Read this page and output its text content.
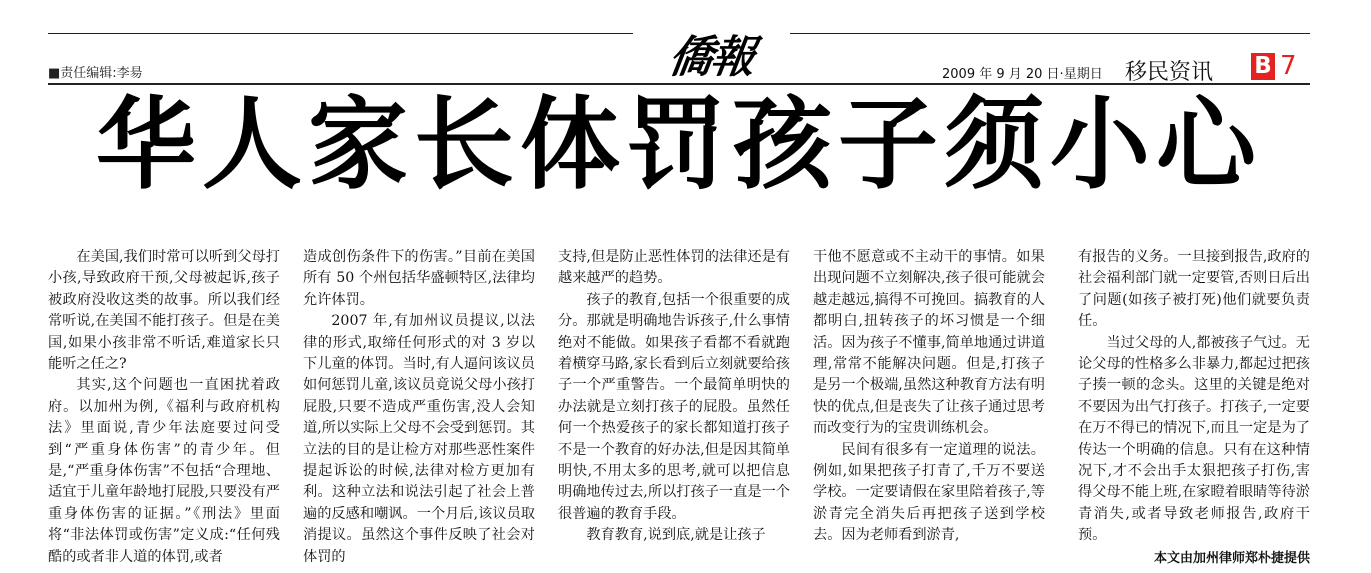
■责任编辑:李昜	僑報	2009 年 9 月 20 日·星期日 移民资讯 B 7
华人家长体罚孩子须小心

在美国,我们时常可以听到父母打小孩,导致政府干预,父母被起诉,孩子被政府没收这类的故事。所以我们经常听说,在美国不能打孩子。但是在美国,如果小孩非常不听话,难道家长只能听之任之?

其实,这个问题也一直困扰着政府。以加州为例,《福利与政府机构法》里面说,青少年法庭要过问受到“严重身体伤害”的青少年。但是,“严重身体伤害”不包括“合理地、适宜于儿童年龄地打屁股,只要没有严重身体伤害的证据。”《刑法》里面将“非法体罚或伤害”定义成:“任何残酷的或者非人道的体罚,或者

造成创伤条件下的伤害。”目前在美国所有 50 个州包括华盛顿特区,法律均允许体罚。

2007 年,有加州议员提议,以法律的形式,取缔任何形式的对 3 岁以下儿童的体罚。当时,有人逼问该议员如何惩罚儿童,该议员竟说父母小孩打屁股,只要不造成严重伤害,没人会知道,所以实际上父母不会受到惩罚。其立法的目的是让检方对那些恶性案件提起诉讼的时候,法律对检方更加有利。这种立法和说法引起了社会上普遍的反感和嘲讽。一个月后,该议员取消提议。虽然这个事件反映了社会对体罚的

支持,但是防止恶性体罚的法律还是有越来越严的趋势。

孩子的教育,包括一个很重要的成分。那就是明确地告诉孩子,什么事情绝对不能做。如果孩子看都不看就跑着横穿马路,家长看到后立刻就要给孩子一个严重警告。一个最简单明快的办法就是立刻打孩子的屁股。虽然任何一个热爱孩子的家长都知道打孩子不是一个教育的好办法,但是因其简单明快,不用太多的思考,就可以把信息明确地传过去,所以打孩子一直是一个很普遍的教育手段。

教育教育,说到底,就是让孩子

干他不愿意或不主动干的事情。如果出现问题不立刻解决,孩子很可能就会越走越远,搞得不可挽回。搞教育的人都明白,扭转孩子的坏习惯是一个细活。因为孩子不懂事,简单地通过讲道理,常常不能解决问题。但是,打孩子是另一个极端,虽然这种教育方法有明快的优点,但是丧失了让孩子通过思考而改变行为的宝贵训练机会。

民间有很多有一定道理的说法。例如,如果把孩子打青了,千万不要送学校。一定要请假在家里陪着孩子,等淤青完全消失后再把孩子送到学校去。因为老师看到淤青,

有报告的义务。一旦接到报告,政府的社会福利部门就一定要管,否则日后出了问题(如孩子被打死)他们就要负责任。

当过父母的人,都被孩子气过。无论父母的性格多么非暴力,都起过把孩子揍一顿的念头。这里的关键是绝对不要因为出气打孩子。打孩子,一定要在万不得已的情况下,而且一定是为了传达一个明确的信息。只有在这种情况下,才不会出手太狠把孩子打伤,害得父母不能上班,在家瞪着眼睛等待淤青消失,或者导致老师报告,政府干预。

本文由加州律师郑朴捷提供
